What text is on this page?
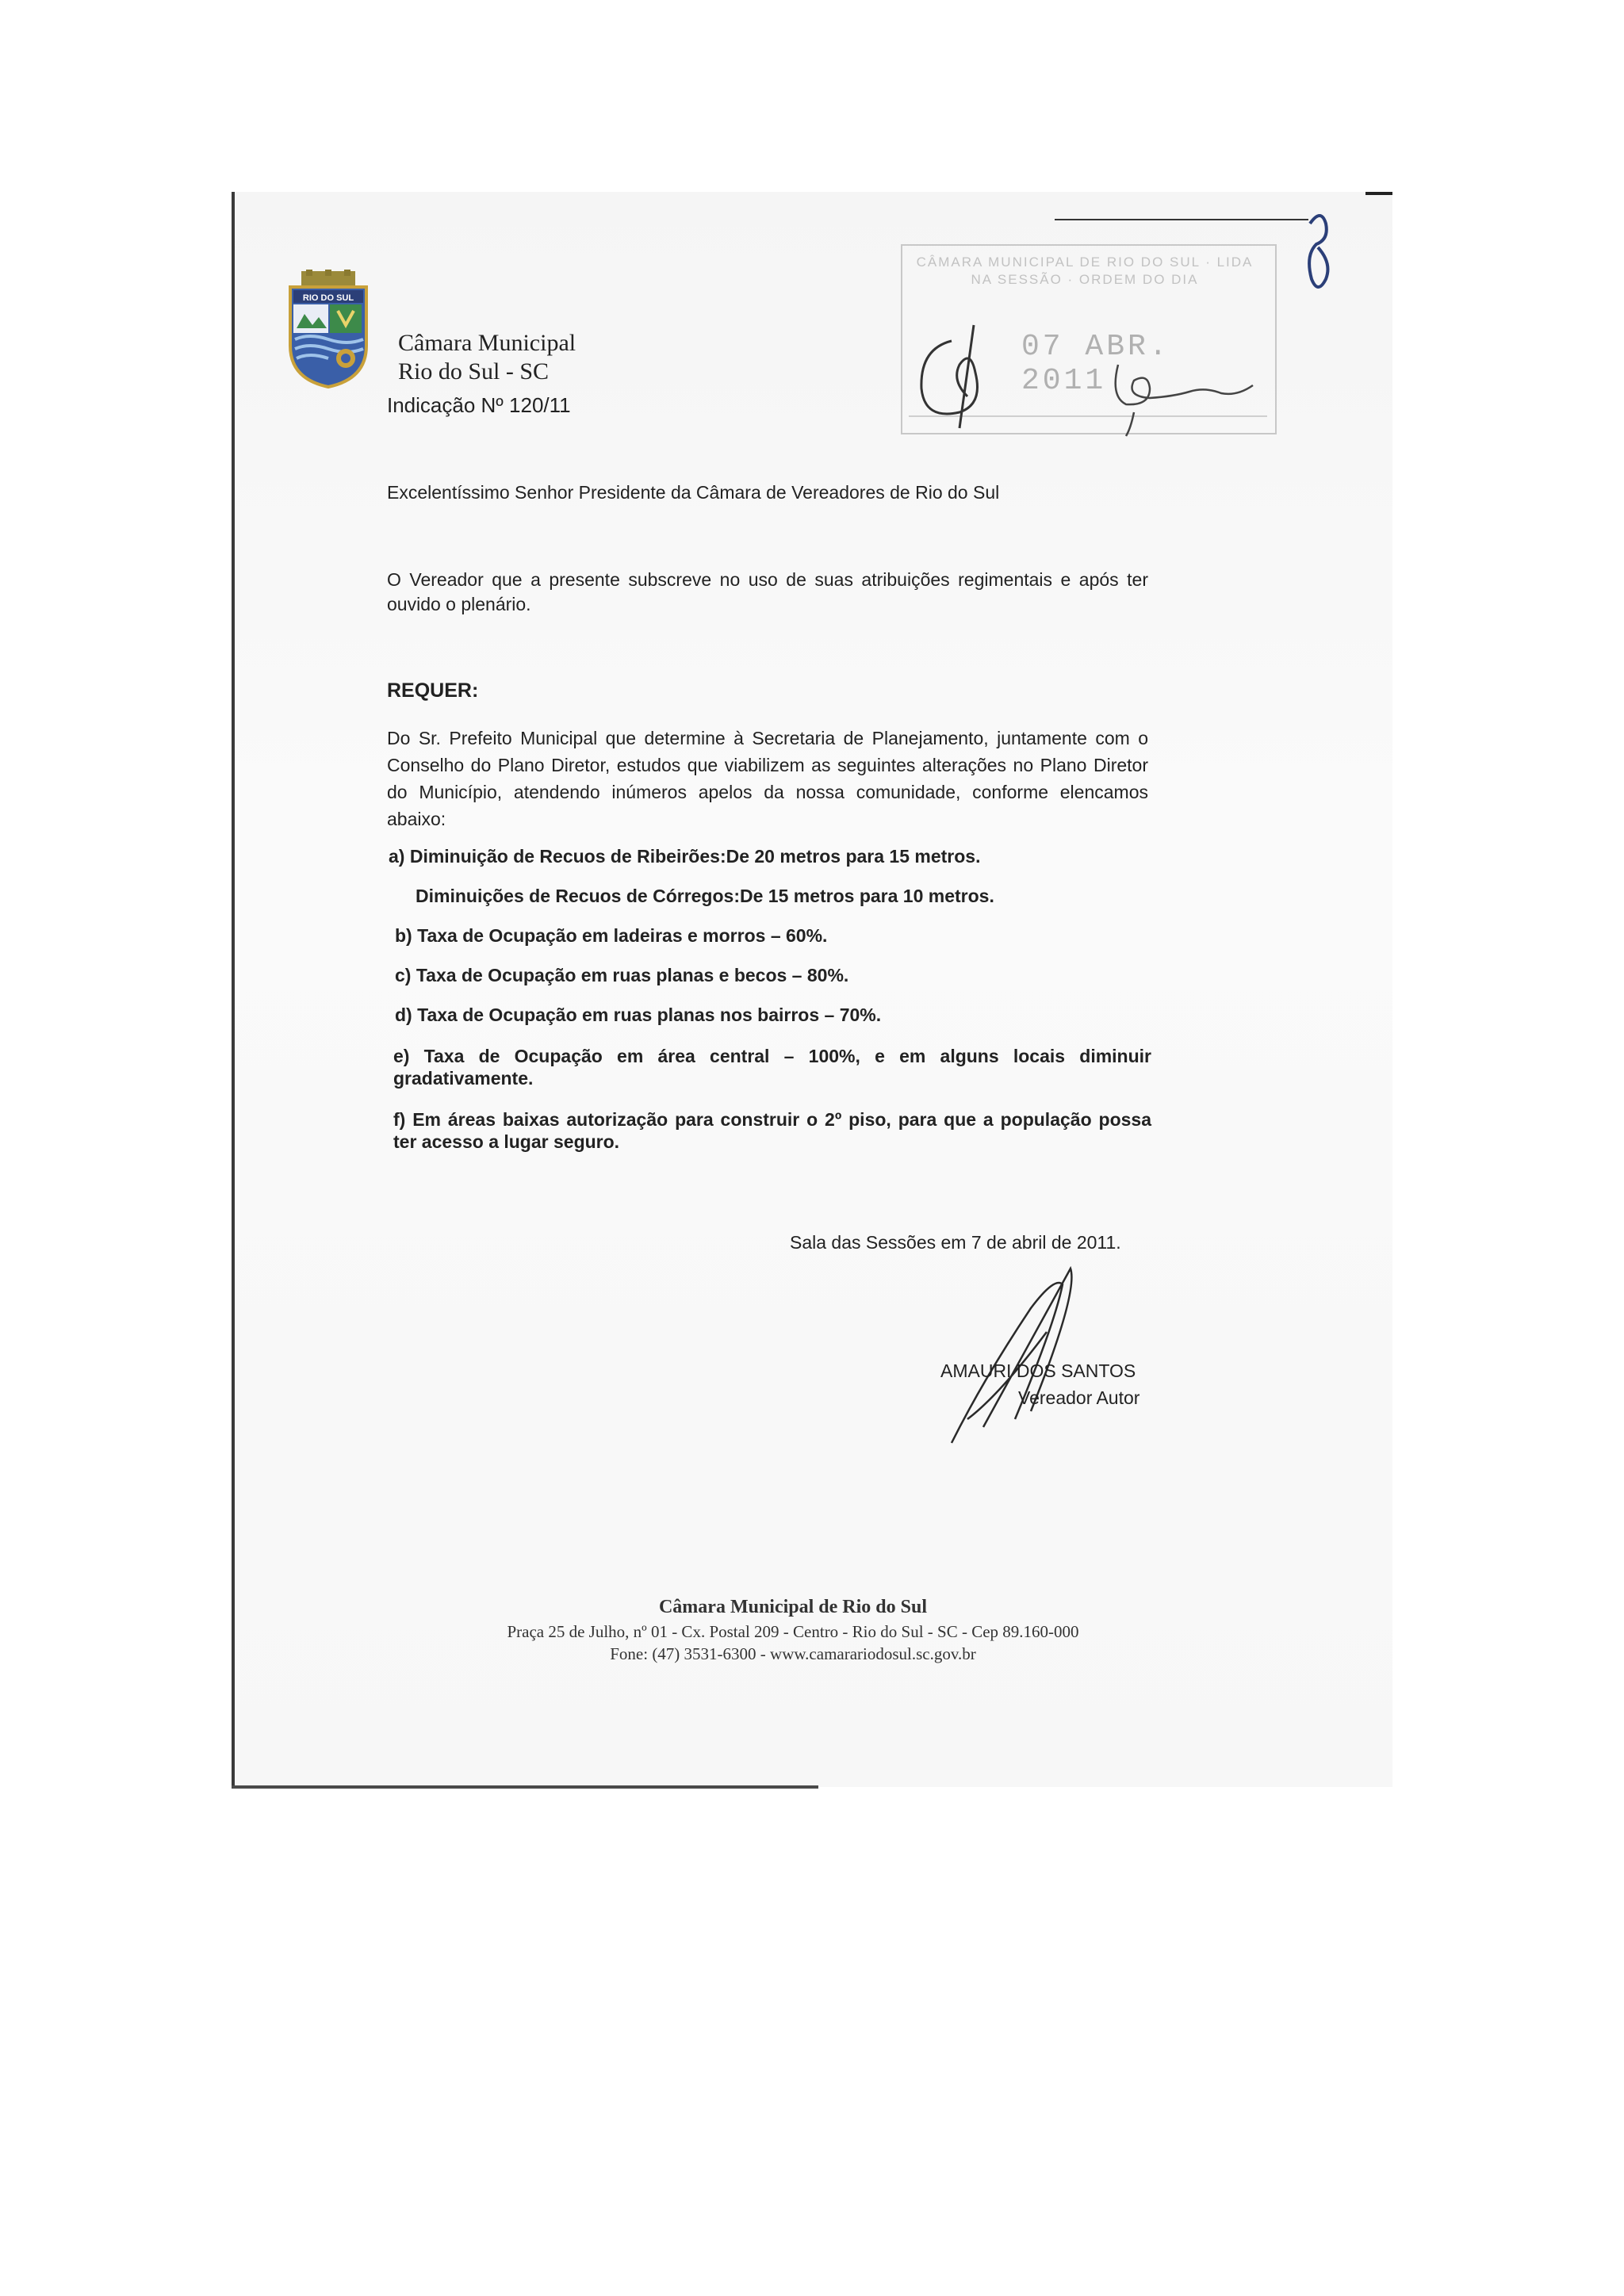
RIO DO SUL
Câmara Municipal
Rio do Sul - SC
Indicação Nº 120/11
CÂMARA MUNICIPAL DE RIO DO SUL · LIDA NA SESSÃO · ORDEM DO DIA
07 ABR. 2011
Excelentíssimo Senhor Presidente da Câmara de Vereadores de Rio do Sul
O Vereador que a presente subscreve no uso de suas atribuições regimentais e após ter ouvido o plenário.
REQUER:
Do Sr. Prefeito Municipal que determine à Secretaria de Planejamento, juntamente com o Conselho do Plano Diretor, estudos que viabilizem as seguintes alterações no Plano Diretor do Município, atendendo inúmeros apelos da nossa comunidade, conforme elencamos abaixo:
a) Diminuição de Recuos de Ribeirões:De 20 metros para 15 metros.
Diminuições de Recuos de Córregos:De 15 metros para 10 metros.
b) Taxa de Ocupação em ladeiras e morros – 60%.
c) Taxa de Ocupação em ruas planas e becos – 80%.
d) Taxa de Ocupação em ruas planas nos bairros – 70%.
e) Taxa de Ocupação em área central – 100%, e em alguns locais diminuir gradativamente.
f) Em áreas baixas autorização para construir o 2º piso, para que a população possa ter acesso a lugar seguro.
Sala das Sessões em 7 de abril de 2011.
AMAURI DOS SANTOS
Vereador Autor
Câmara Municipal de Rio do Sul
Praça 25 de Julho, nº 01 - Cx. Postal 209 - Centro - Rio do Sul - SC - Cep 89.160-000
Fone: (47) 3531-6300 - www.camarariodosul.sc.gov.br
